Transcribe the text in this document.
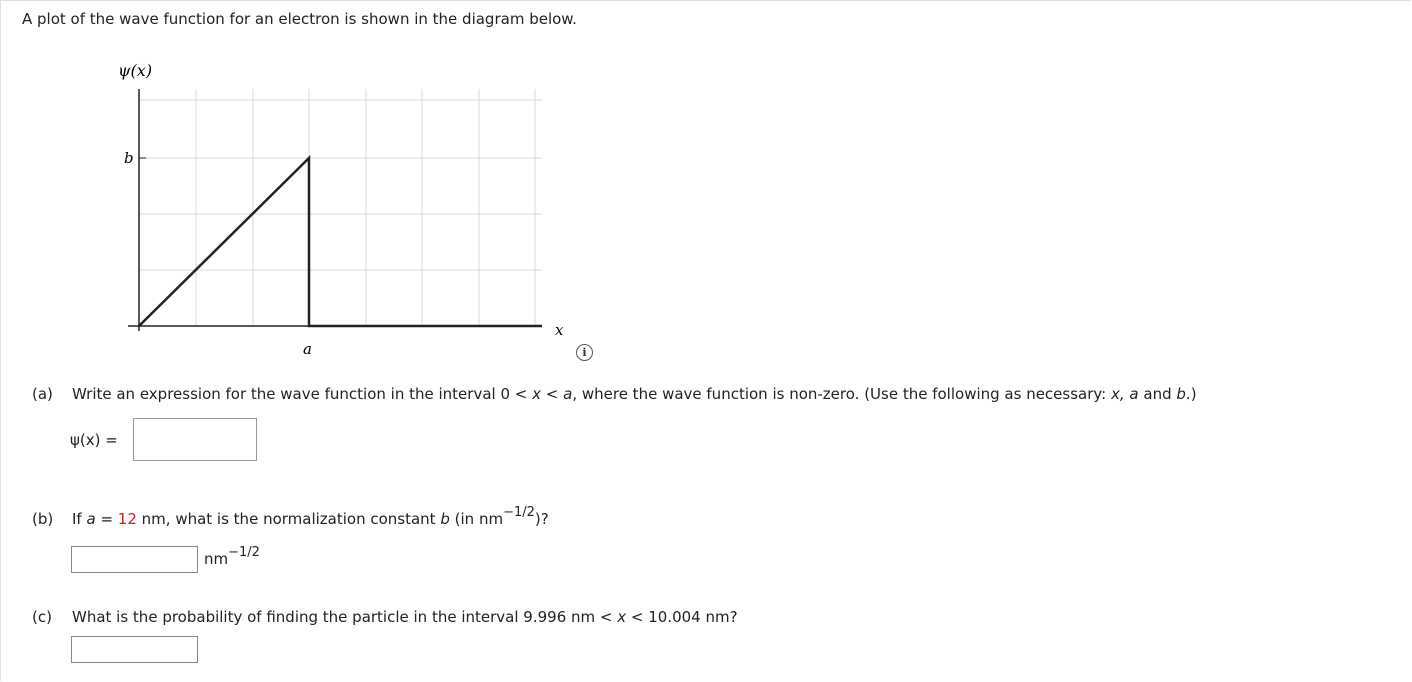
A plot of the wave function for an electron is shown in the diagram below.
ψ(x)
x
b
a	i
(a) Write an expression for the wave function in the interval 0 < x < a, where the wave function is non-zero. (Use the following as necessary: x, a and b.)
ψ(x) =
(b) If a = 12 nm, what is the normalization constant b (in $nm^{-1/2}$)?
$nm^{-1/2}$
(c) What is the probability of finding the particle in the interval 9.996 nm < x < 10.004 nm?
